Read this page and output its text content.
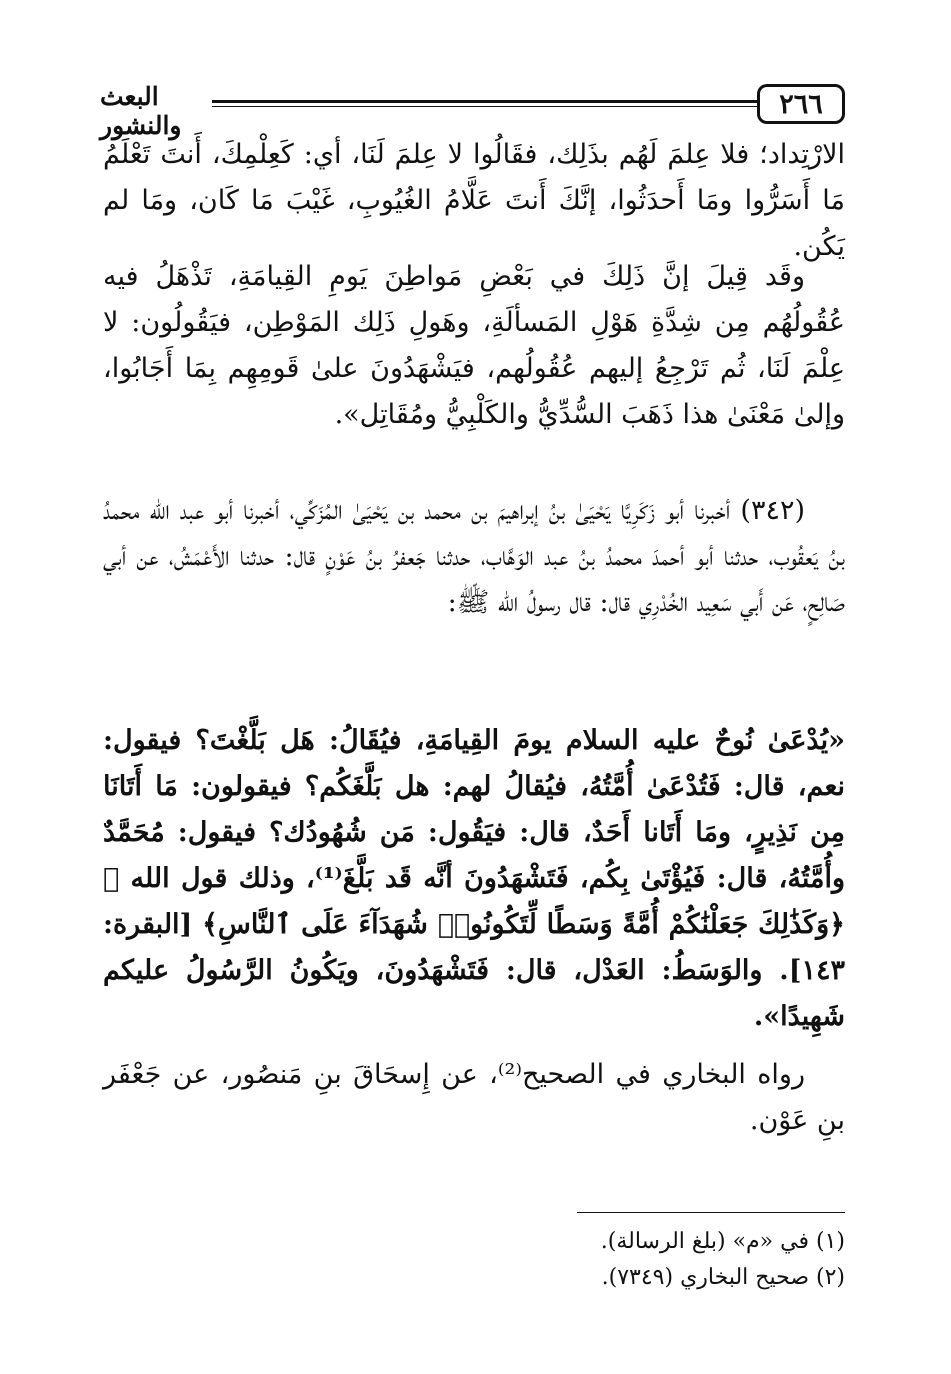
٢٦٦
البعث والنشور

الارْتِداد؛ فلا عِلمَ لَهُم بذَلِك، فقَالُوا لا عِلمَ لَنَا، أي: كَعِلْمِكَ، أَنتَ تَعْلَمُ مَا أَسَرُّوا ومَا أَحدَثُوا، إنَّكَ أَنتَ عَلَّامُ الغُيُوبِ، غَيْبَ مَا كَان، ومَا لم يَكُن.

وقَد قِيلَ إنَّ ذَلِكَ في بَعْضِ مَواطِنَ يَومِ القِيامَةِ، تَذْهَلُ فيه عُقُولُهُم مِن شِدَّةِ هَوْلِ المَسألَةِ، وهَولِ ذَلِك المَوْطِن، فيَقُولُون: لا عِلْمَ لَنَا، ثُم تَرْجِعُ إليهم عُقُولُهم، فيَشْهَدُونَ علىٰ قَومِهِم بِمَا أَجَابُوا، وإلىٰ مَعْنَىٰ هذا ذَهَبَ السُّدِّيُّ والكَلْبِيُّ ومُقَاتِل».

(٣٤٢) أخبرنا أبو زَكَرِيَّا يَحْيَىٰ بنُ إبراهيمَ بن محمد بن يَحْيَىٰ المُزَكِّي، أخبرنا أبو عبد الله محمدُ بنُ يَعقُوب، حدثنا أبو أحمدَ محمدُ بنُ عبد الوَهَّاب، حدثنا جَعفرُ بنُ عَوْنٍ قال: حدثنا الأَعْمَشُ، عن أبي صَالِحٍ، عَن أَبي سَعِيد الخُدْرِي قال: قال رسولُ الله ﷺ:

«يُدْعَىٰ نُوحٌ عليه السلام يومَ القِيامَةِ، فيُقَالُ: هَل بَلَّغْتَ؟ فيقول: نعم، قال: فَتُدْعَىٰ أُمَّتُهُ، فيُقالُ لهم: هل بَلَّغَكُم؟ فيقولون: مَا أَتَانَا مِن نَذِيرٍ، ومَا أَتَانا أَحَدٌ، قال: فيَقُول: مَن شُهُودُك؟ فيقول: مُحَمَّدٌ وأُمَّتُهُ، قال: فَيُؤْتَىٰ بِكُم، فَتَشْهَدُونَ أنَّه قَد بَلَّغَ⁽¹⁾، وذلك قول الله ﷻ ﴿وَكَذَٰلِكَ جَعَلْنَٰكُمْ أُمَّةً وَسَطًا لِّتَكُونُوا۟ شُهَدَآءَ عَلَى ٱلنَّاسِ﴾ [البقرة: ١٤٣]. والوَسَطُ: العَدْل، قال: فَتَشْهَدُونَ، ويَكُونُ الرَّسُولُ عليكم شَهِيدًا».

رواه البخاري في الصحيح⁽²⁾، عن إِسحَاقَ بنِ مَنصُور، عن جَعْفَر بنِ عَوْن.

(١) في «م» (بلغ الرسالة).
(٢) صحيح البخاري (٧٣٤٩).
